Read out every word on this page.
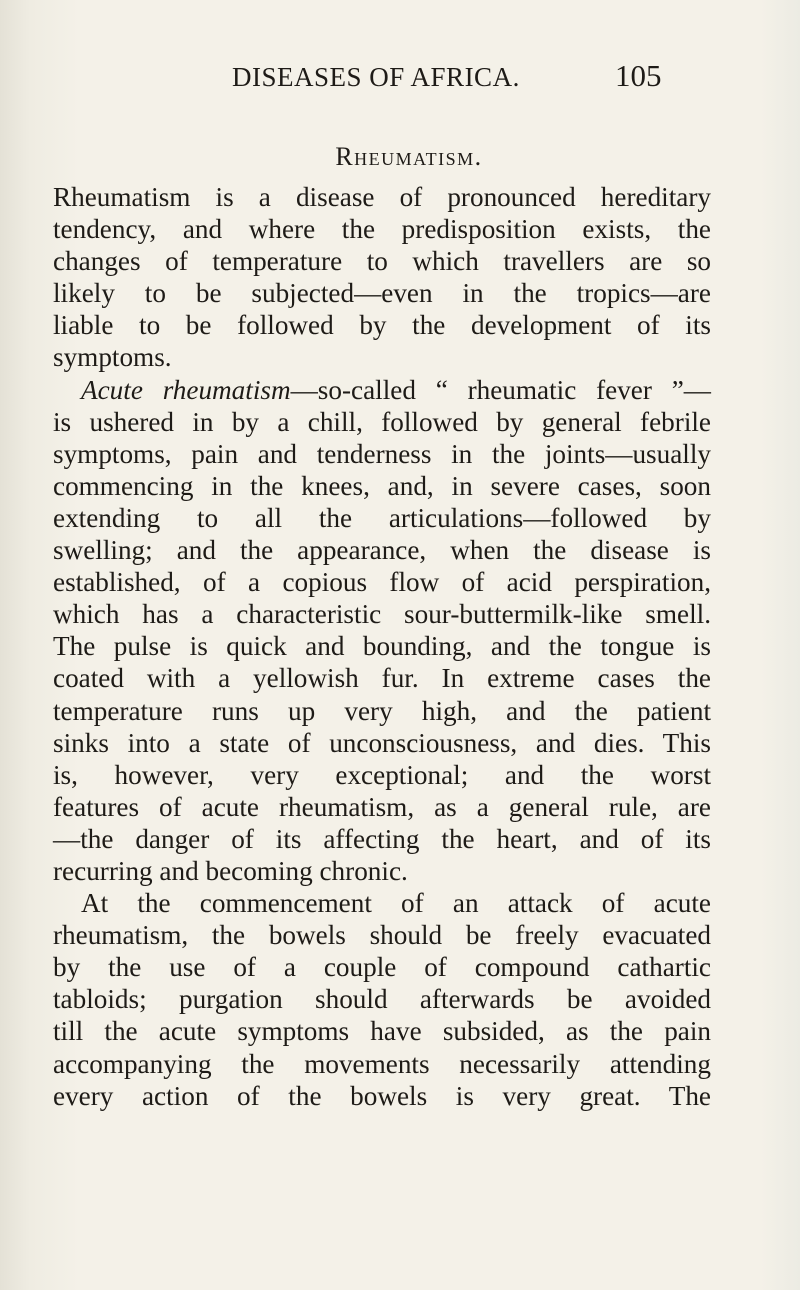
DISEASES OF AFRICA.	105
Rheumatism.

Rheumatism is a disease of pronounced hereditary
tendency, and where the predisposition exists, the
changes of temperature to which travellers are so
likely to be subjected—even in the tropics—are
liable to be followed by the development of its
symptoms.

Acute rheumatism—so-called “ rheumatic fever ”—
is ushered in by a chill, followed by general febrile
symptoms, pain and tenderness in the joints—usually
commencing in the knees, and, in severe cases, soon
extending to all the articulations—followed by
swelling; and the appearance, when the disease is
established, of a copious flow of acid perspiration,
which has a characteristic sour-buttermilk-like smell.
The pulse is quick and bounding, and the tongue is
coated with a yellowish fur. In extreme cases the
temperature runs up very high, and the patient
sinks into a state of unconsciousness, and dies. This
is, however, very exceptional; and the worst
features of acute rheumatism, as a general rule, are
—the danger of its affecting the heart, and of its
recurring and becoming chronic.

At the commencement of an attack of acute
rheumatism, the bowels should be freely evacuated
by the use of a couple of compound cathartic
tabloids; purgation should afterwards be avoided
till the acute symptoms have subsided, as the pain
accompanying the movements necessarily attending
every action of the bowels is very great. The
